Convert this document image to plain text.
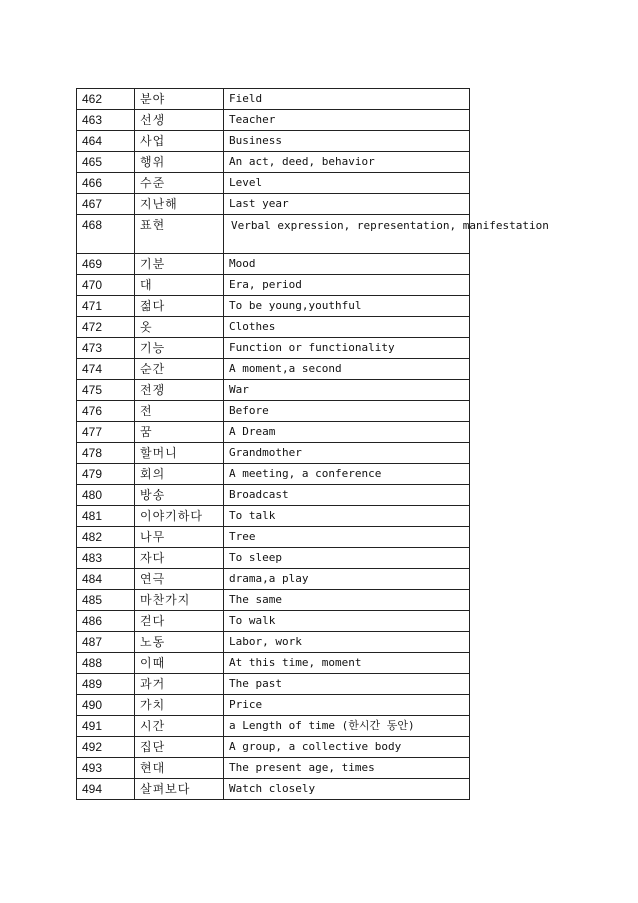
462	분야	Field
463	선생	Teacher
464	사업	Business
465	행위	An act, deed, behavior
466	수준	Level
467	지난해	Last year
468	표현	Verbal expression, representation, manifestation
469	기분	Mood
470	대	Era, period
471	젊다	To be young,youthful
472	옷	Clothes
473	기능	Function or functionality
474	순간	A moment,a second
475	전쟁	War
476	전	Before
477	꿈	A Dream
478	할머니	Grandmother
479	회의	A meeting, a conference
480	방송	Broadcast
481	이야기하다	To talk
482	나무	Tree
483	자다	To sleep
484	연극	drama,a play
485	마찬가지	The same
486	걷다	To walk
487	노동	Labor, work
488	이때	At this time, moment
489	과거	The past
490	가치	Price
491	시간	a Length of time (한시간 동안)
492	집단	A group, a collective body
493	현대	The present age, times
494	살펴보다	Watch closely
